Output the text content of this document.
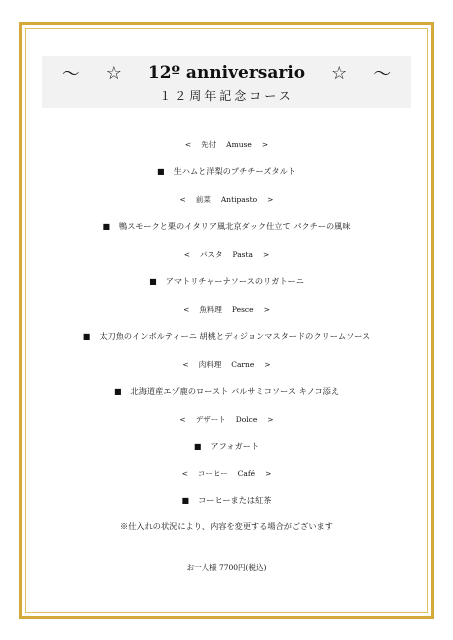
〜 ☆ 12º anniversario ☆ 〜
１２周年記念コース
< 先付 Amuse >
■ 生ハムと洋梨のプチチーズタルト
< 前菜 Antipasto >
■ 鴨スモークと栗のイタリア風北京ダック仕立て パクチーの風味
< パスタ Pasta >
■ アマトリチャーナソースのリガトーニ
< 魚料理 Pesce >
■ 太刀魚のインボルティーニ 胡桃とディジョンマスタードのクリームソース
< 肉料理 Carne >
■ 北海道産エゾ鹿のロースト バルサミコソース キノコ添え
< デザート Dolce >
■ アフォガート
< コーヒー Café >
■ コーヒーまたは紅茶
※仕入れの状況により、内容を変更する場合がございます
お一人様 7700円(税込)
